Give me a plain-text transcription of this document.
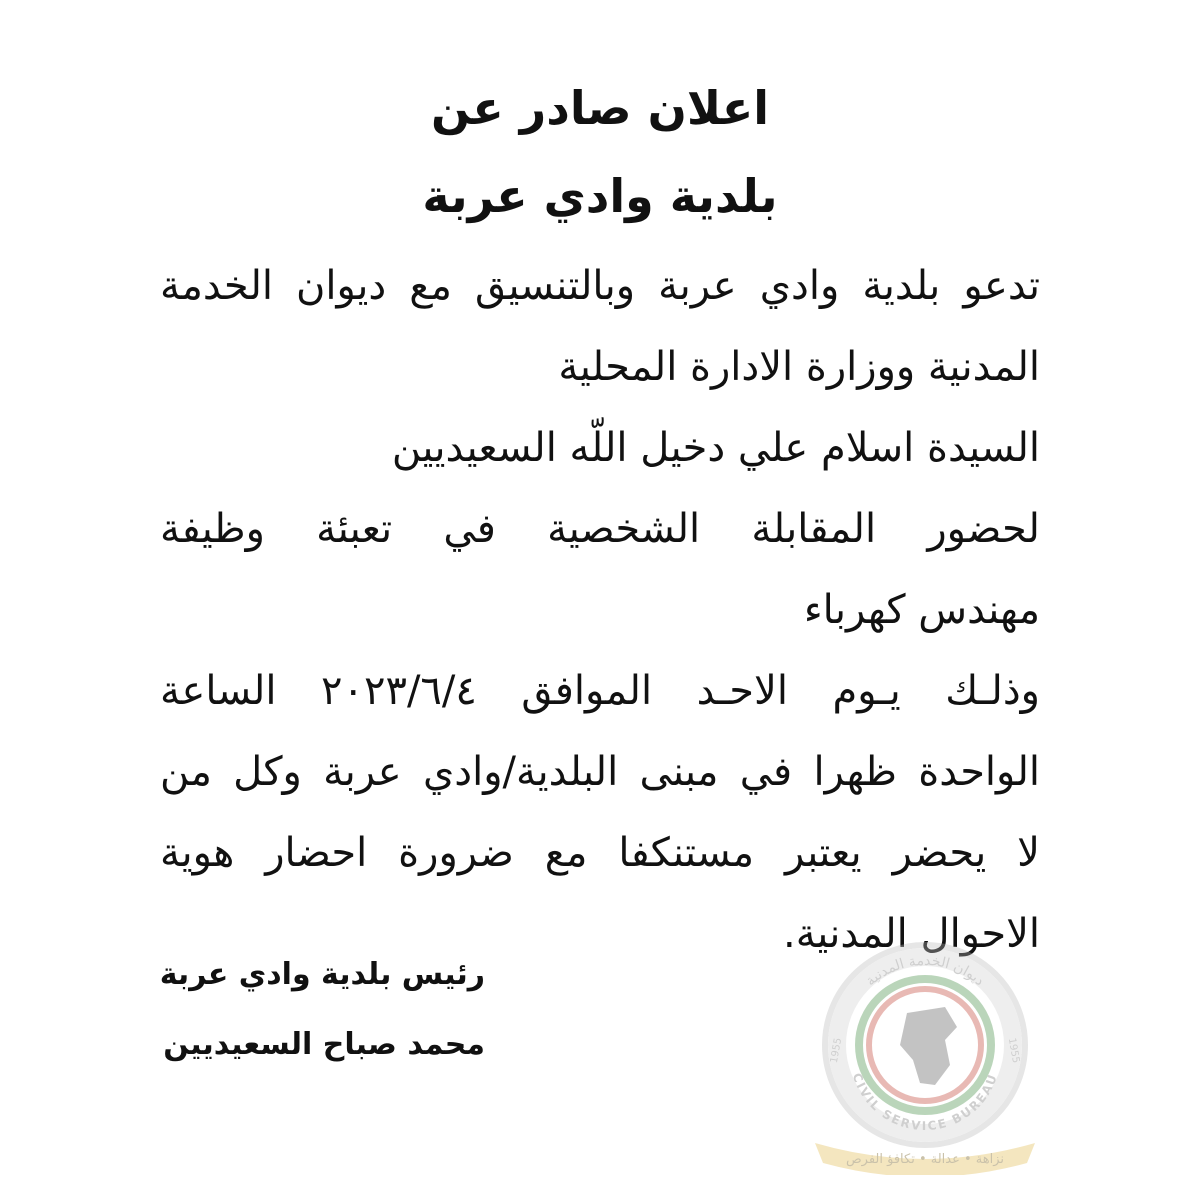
اعلان صادر عن
بلدية وادي عربة
تدعو بلدية وادي عربة وبالتنسيق مع ديوان الخدمة
المدنية ووزارة الادارة المحلية
السيدة اسلام علي دخيل اللّه السعيديين
لحضور المقابلة الشخصية في تعبئة وظيفة
مهندس كهرباء
وذلـك يـوم الاحـد الموافق ٢٠٢٣/٦/٤ الساعة
الواحدة ظهرا في مبنى البلدية/وادي عربة وكل من
لا يحضر يعتبر مستنكفا مع ضرورة احضار هوية
الاحوال المدنية.
رئيس بلدية وادي عربة
محمد صباح السعيديين
ديوان الخدمة المدنية
CIVIL SERVICE BUREAU
1955	1955
نزاهة • عدالة • تكافؤ الفرص
